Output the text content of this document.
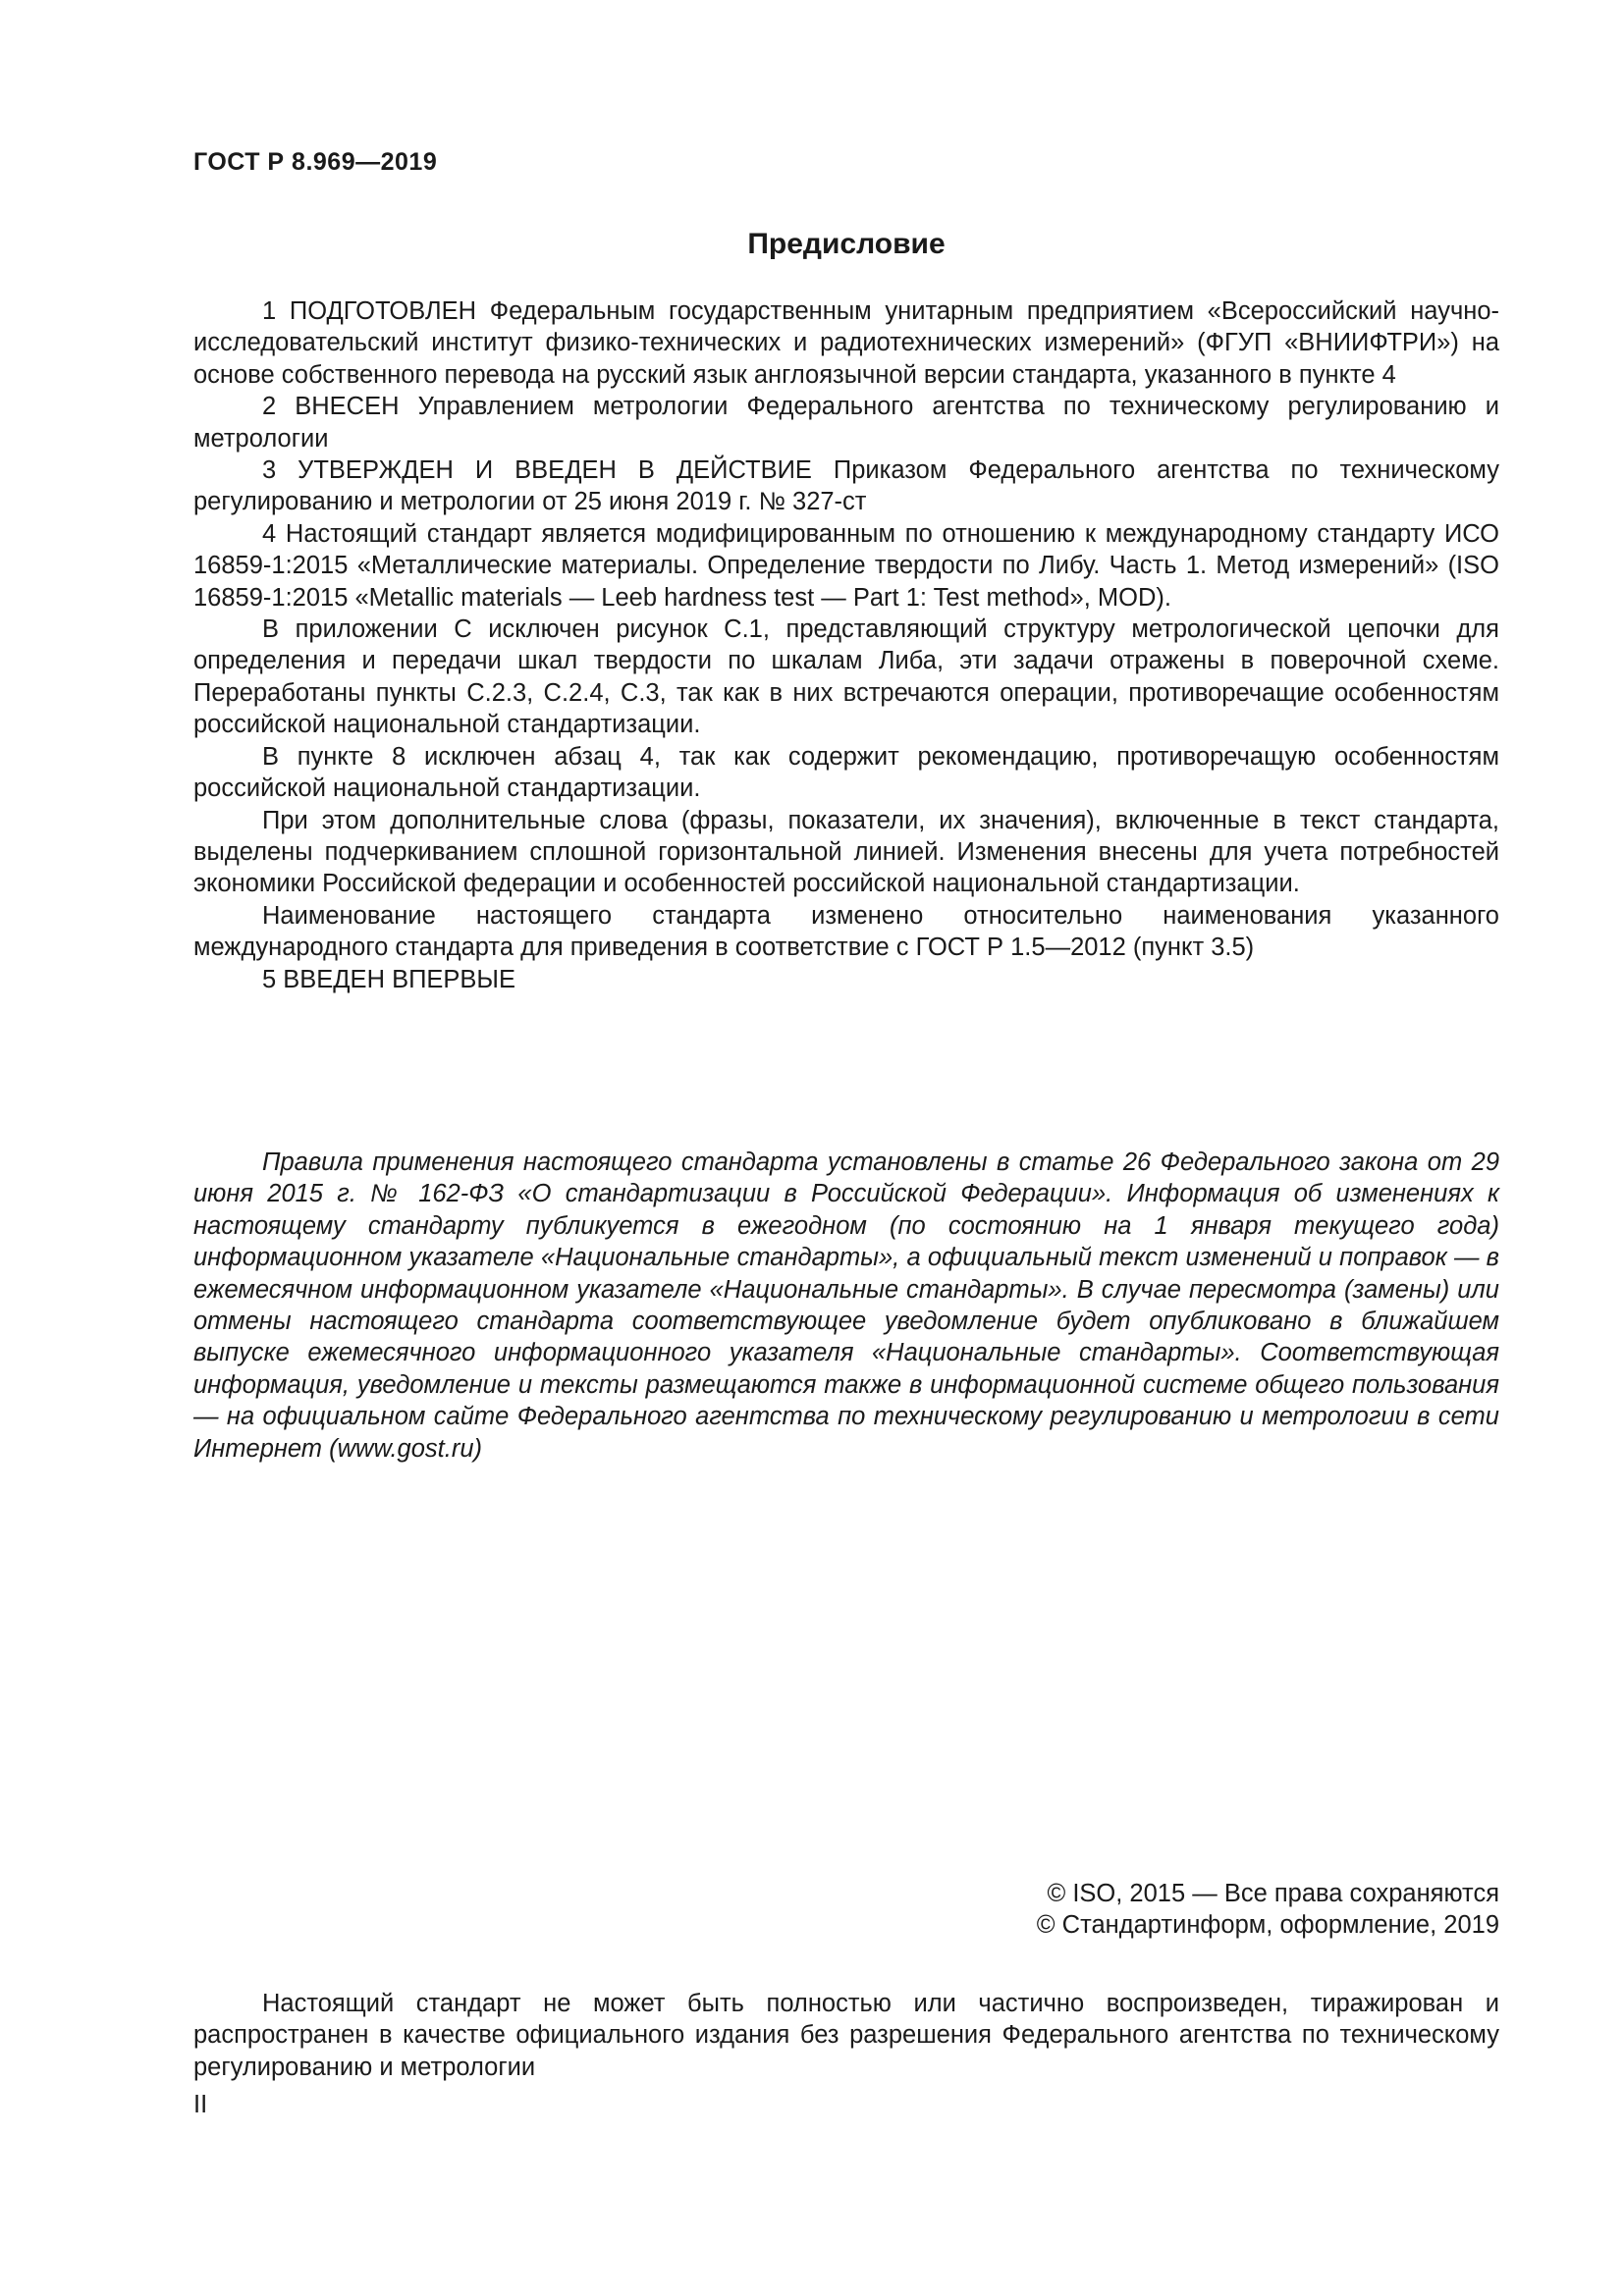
ГОСТ Р 8.969—2019
Предисловие

1 ПОДГОТОВЛЕН Федеральным государственным унитарным предприятием «Всероссийский научно-исследовательский институт физико-технических и радиотехнических измерений» (ФГУП «ВНИИФТРИ») на основе собственного перевода на русский язык англоязычной версии стандарта, указанного в пункте 4

2 ВНЕСЕН Управлением метрологии Федерального агентства по техническому регулированию и метрологии

3 УТВЕРЖДЕН И ВВЕДЕН В ДЕЙСТВИЕ Приказом Федерального агентства по техническому регулированию и метрологии от 25 июня 2019 г. № 327-ст

4 Настоящий стандарт является модифицированным по отношению к международному стандарту ИСО 16859-1:2015 «Металлические материалы. Определение твердости по Либу. Часть 1. Метод измерений» (ISO 16859-1:2015 «Metallic materials — Leeb hardness test — Part 1: Test method», MOD).

В приложении С исключен рисунок С.1, представляющий структуру метрологической цепочки для определения и передачи шкал твердости по шкалам Либа, эти задачи отражены в поверочной схеме. Переработаны пункты С.2.3, С.2.4, С.3, так как в них встречаются операции, противоречащие особенностям российской национальной стандартизации.

В пункте 8 исключен абзац 4, так как содержит рекомендацию, противоречащую особенностям российской национальной стандартизации.

При этом дополнительные слова (фразы, показатели, их значения), включенные в текст стандарта, выделены подчеркиванием сплошной горизонтальной линией. Изменения внесены для учета потребностей экономики Российской федерации и особенностей российской национальной стандартизации.

Наименование настоящего стандарта изменено относительно наименования указанного международного стандарта для приведения в соответствие с ГОСТ Р 1.5—2012 (пункт 3.5)

5 ВВЕДЕН ВПЕРВЫЕ

Правила применения настоящего стандарта установлены в статье 26 Федерального закона от 29 июня 2015 г. № 162-ФЗ «О стандартизации в Российской Федерации». Информация об изменениях к настоящему стандарту публикуется в ежегодном (по состоянию на 1 января текущего года) информационном указателе «Национальные стандарты», а официальный текст изменений и поправок — в ежемесячном информационном указателе «Национальные стандарты». В случае пересмотра (замены) или отмены настоящего стандарта соответствующее уведомление будет опубликовано в ближайшем выпуске ежемесячного информационного указателя «Национальные стандарты». Соответствующая информация, уведомление и тексты размещаются также в информационной системе общего пользования — на официальном сайте Федерального агентства по техническому регулированию и метрологии в сети Интернет (www.gost.ru)

© ISO, 2015 — Все права сохраняются
© Стандартинформ, оформление, 2019

Настоящий стандарт не может быть полностью или частично воспроизведен, тиражирован и распространен в качестве официального издания без разрешения Федерального агентства по техническому регулированию и метрологии

II
